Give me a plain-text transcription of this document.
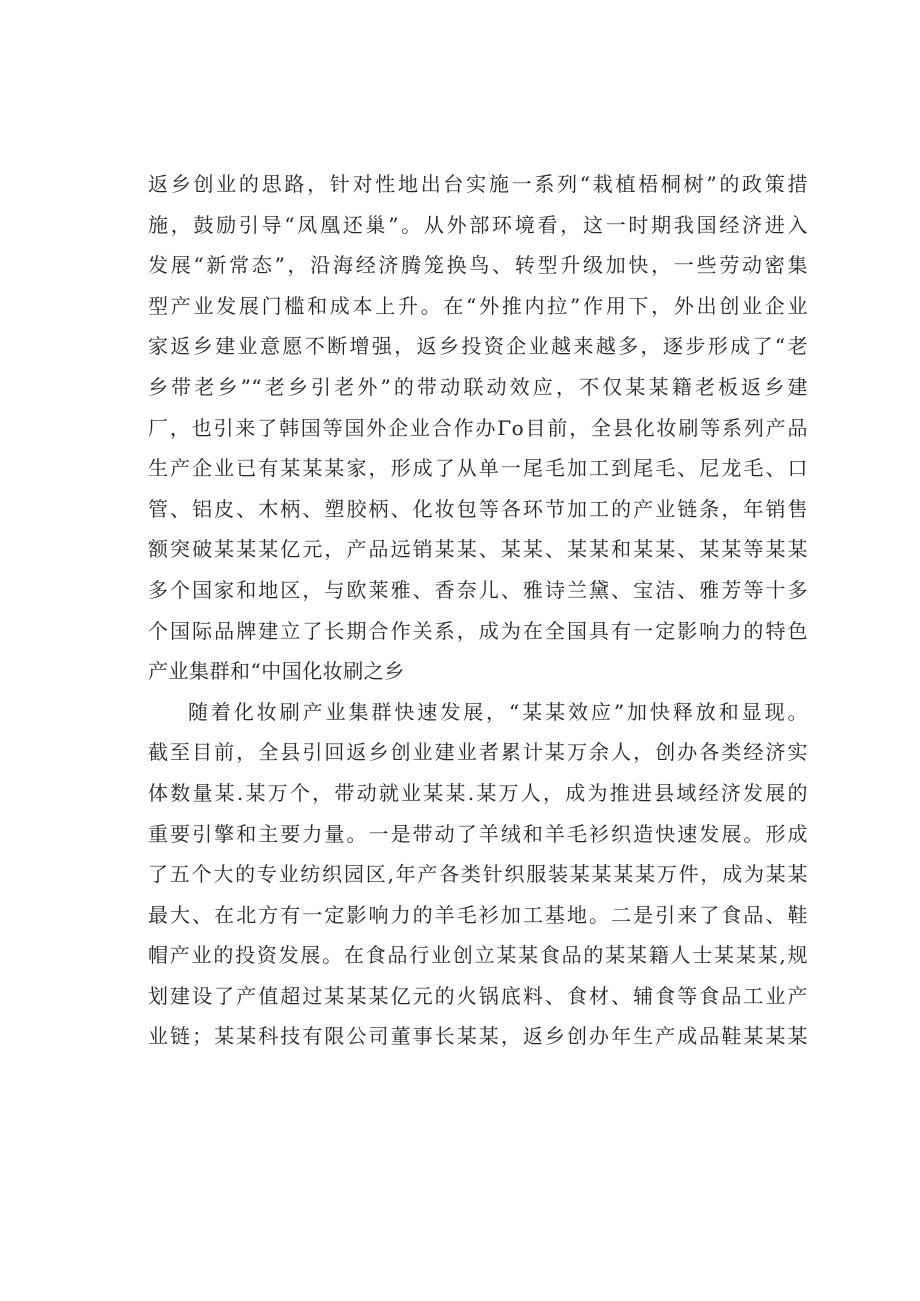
返乡创业的思路，针对性地出台实施一系列“栽植梧桐树”的政策措
施，鼓励引导“凤凰还巢”。从外部环境看，这一时期我国经济进入
发展“新常态”，沿海经济腾笼换鸟、转型升级加快，一些劳动密集
型产业发展门槛和成本上升。在“外推内拉”作用下，外出创业企业
家返乡建业意愿不断增强，返乡投资企业越来越多，逐步形成了“老
乡带老乡”“老乡引老外”的带动联动效应，不仅某某籍老板返乡建
厂，也引来了韩国等国外企业合作办Γo目前，全县化妆刷等系列产品
生产企业已有某某某家，形成了从单一尾毛加工到尾毛、尼龙毛、口
管、铝皮、木柄、塑胶柄、化妆包等各环节加工的产业链条，年销售
额突破某某某亿元，产品远销某某、某某、某某和某某、某某等某某
多个国家和地区，与欧莱雅、香奈儿、雅诗兰黛、宝洁、雅芳等十多
个国际品牌建立了长期合作关系，成为在全国具有一定影响力的特色
产业集群和“中国化妆刷之乡
随着化妆刷产业集群快速发展，“某某效应”加快释放和显现。
截至目前，全县引回返乡创业建业者累计某万余人，创办各类经济实
体数量某.某万个，带动就业某某.某万人，成为推进县域经济发展的
重要引擎和主要力量。一是带动了羊绒和羊毛衫织造快速发展。形成
了五个大的专业纺织园区,年产各类针织服装某某某某万件，成为某某
最大、在北方有一定影响力的羊毛衫加工基地。二是引来了食品、鞋
帽产业的投资发展。在食品行业创立某某食品的某某籍人士某某某,规
划建设了产值超过某某某亿元的火锅底料、食材、辅食等食品工业产
业链；某某科技有限公司董事长某某，返乡创办年生产成品鞋某某某
